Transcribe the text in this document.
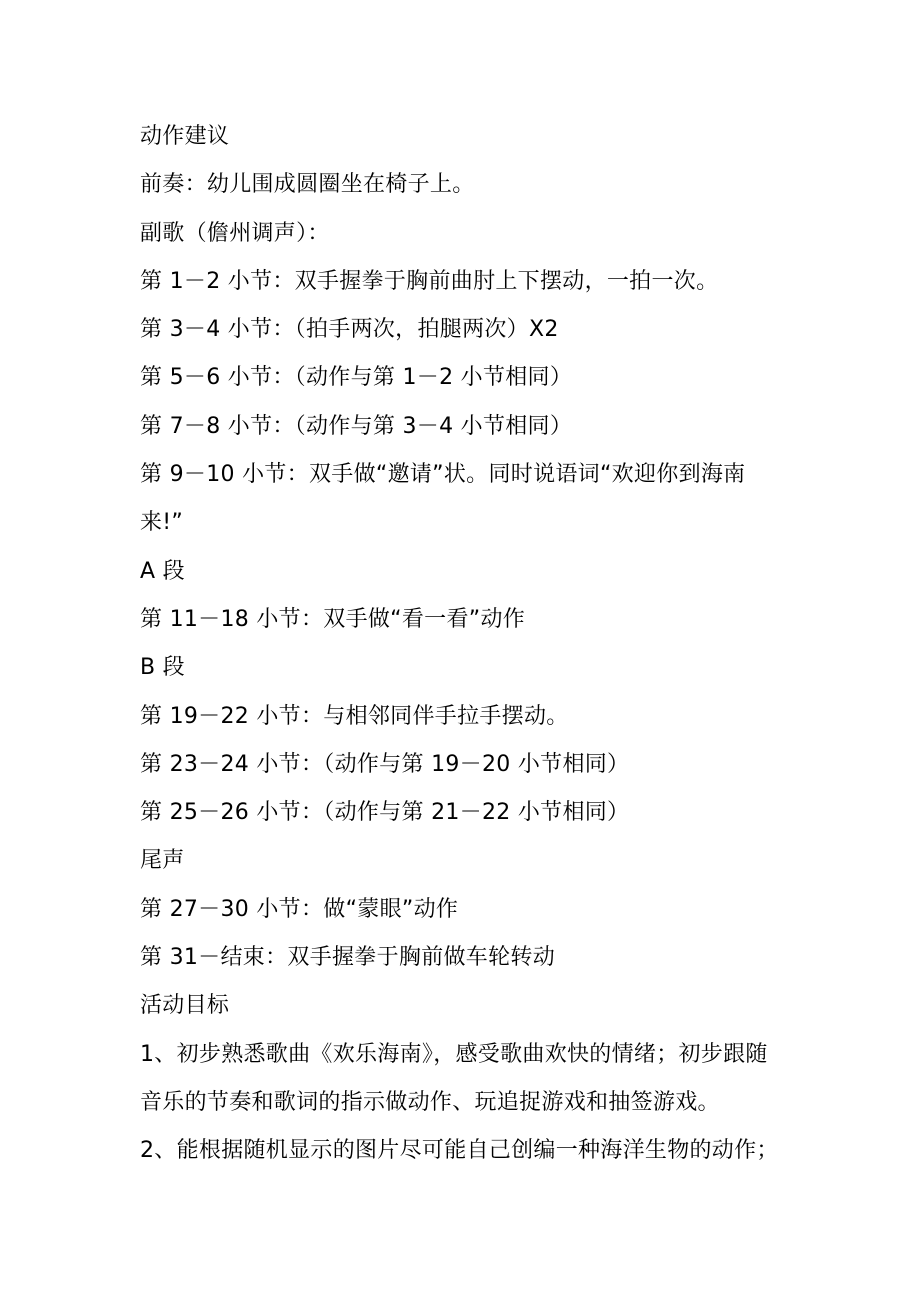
动作建议

前奏：幼儿围成圆圈坐在椅子上。

副歌（儋州调声）：

第 1－2 小节：双手握拳于胸前曲肘上下摆动，一拍一次。

第 3－4 小节：（拍手两次，拍腿两次）X2

第 5－6 小节：（动作与第 1－2 小节相同）

第 7－8 小节：（动作与第 3－4 小节相同）

第 9－10 小节：双手做“邀请”状。同时说语词“欢迎你到海南

来!”

A 段

第 11－18 小节：双手做“看一看”动作

B 段

第 19－22 小节：与相邻同伴手拉手摆动。

第 23－24 小节：（动作与第 19－20 小节相同）

第 25－26 小节：（动作与第 21－22 小节相同）

尾声

第 27－30 小节：做“蒙眼”动作

第 31－结束：双手握拳于胸前做车轮转动

活动目标

1、初步熟悉歌曲《欢乐海南》，感受歌曲欢快的情绪；初步跟随

音乐的节奏和歌词的指示做动作、玩追捉游戏和抽签游戏。

2、能根据随机显示的图片尽可能自己创编一种海洋生物的动作；
